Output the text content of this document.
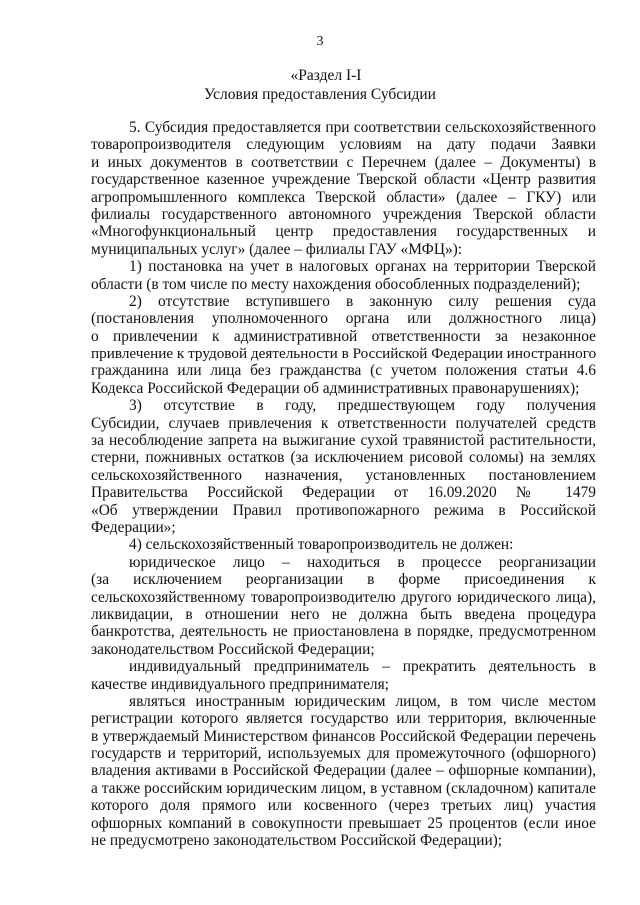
3
«Раздел I-I
Условия предоставления Субсидии
5. Субсидия предоставляется при соответствии сельскохозяйственного
товаропроизводителя следующим условиям на дату подачи Заявки
и иных документов в соответствии с Перечнем (далее – Документы) в
государственное казенное учреждение Тверской области «Центр развития
агропромышленного комплекса Тверской области» (далее – ГКУ) или
филиалы государственного автономного учреждения Тверской области
«Многофункциональный центр предоставления государственных и
муниципальных услуг» (далее – филиалы ГАУ «МФЦ»):
1) постановка на учет в налоговых органах на территории Тверской
области (в том числе по месту нахождения обособленных подразделений);
2) отсутствие вступившего в законную силу решения суда
(постановления уполномоченного органа или должностного лица)
о привлечении к административной ответственности за незаконное
привлечение к трудовой деятельности в Российской Федерации иностранного
гражданина или лица без гражданства (с учетом положения статьи 4.6
Кодекса Российской Федерации об административных правонарушениях);
3) отсутствие в году, предшествующем году получения
Субсидии, случаев привлечения к ответственности получателей средств
за несоблюдение запрета на выжигание сухой травянистой растительности,
стерни, пожнивных остатков (за исключением рисовой соломы) на землях
сельскохозяйственного назначения, установленных постановлением
Правительства Российской Федерации от 16.09.2020 № 1479
«Об утверждении Правил противопожарного режима в Российской
Федерации»;
4) сельскохозяйственный товаропроизводитель не должен:
юридическое лицо – находиться в процессе реорганизации
(за исключением реорганизации в форме присоединения к
сельскохозяйственному товаропроизводителю другого юридического лица),
ликвидации, в отношении него не должна быть введена процедура
банкротства, деятельность не приостановлена в порядке, предусмотренном
законодательством Российской Федерации;
индивидуальный предприниматель – прекратить деятельность в
качестве индивидуального предпринимателя;
являться иностранным юридическим лицом, в том числе местом
регистрации которого является государство или территория, включенные
в утверждаемый Министерством финансов Российской Федерации перечень
государств и территорий, используемых для промежуточного (офшорного)
владения активами в Российской Федерации (далее – офшорные компании),
а также российским юридическим лицом, в уставном (складочном) капитале
которого доля прямого или косвенного (через третьих лиц) участия
офшорных компаний в совокупности превышает 25 процентов (если иное
не предусмотрено законодательством Российской Федерации);
